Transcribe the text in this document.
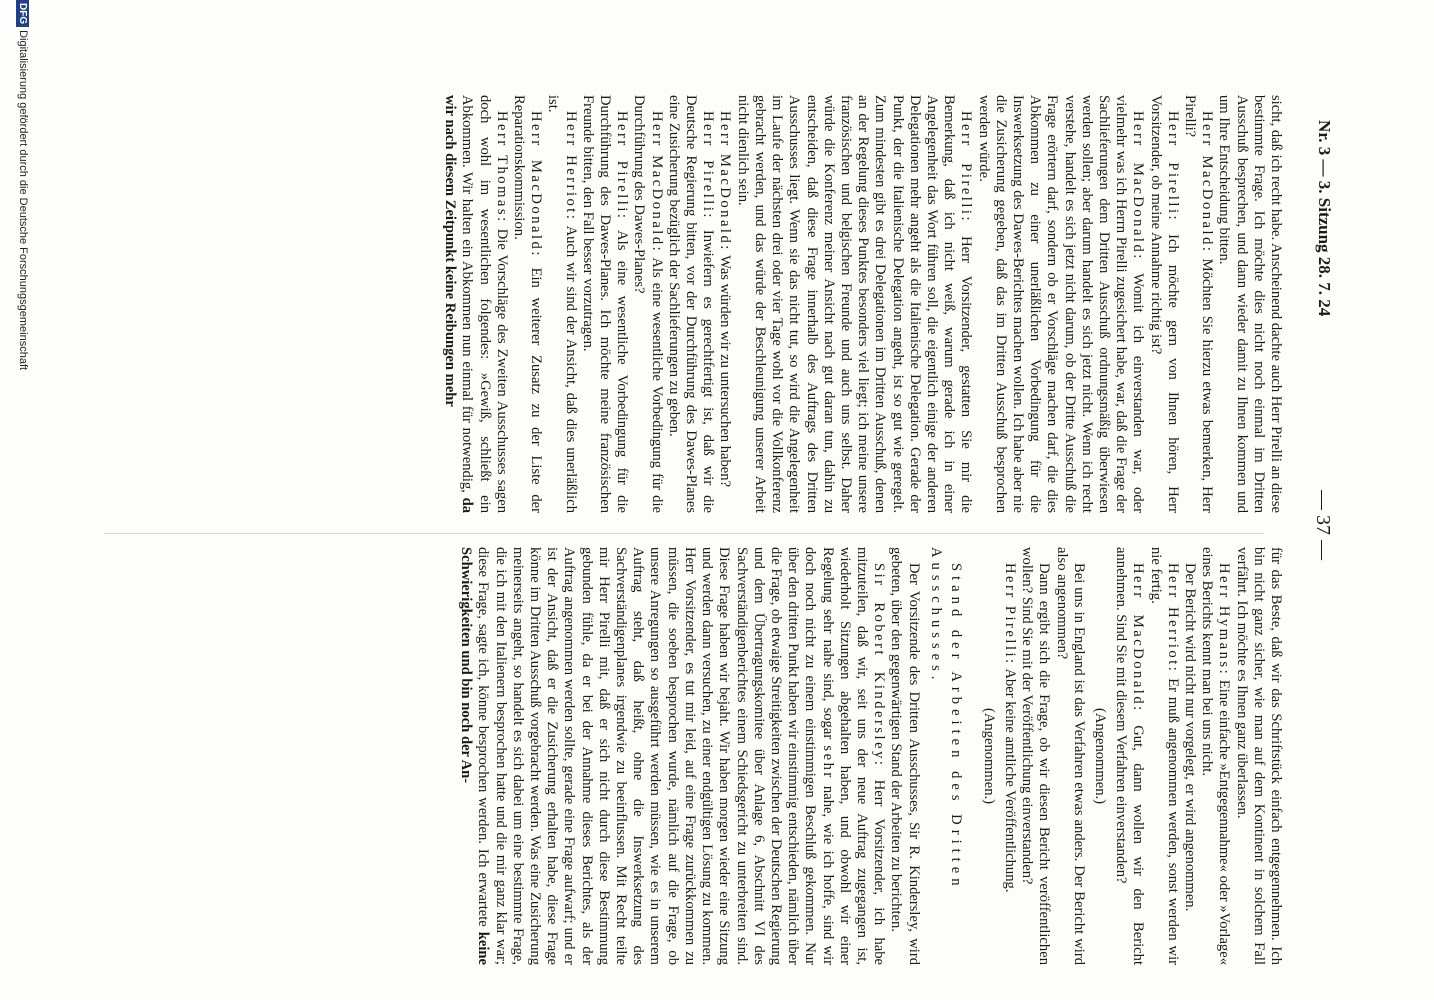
Nr. 3 — 3. Sitzung 28. 7. 24
— 37 —

sicht, daß ich recht habe. Anscheinend dachte auch Herr Pirelli an diese bestimmte Frage. Ich möchte dies nicht noch einmal im Dritten Ausschuß besprechen, und dann wieder damit zu Ihnen kommen und um Ihre Entscheidung bitten.

Herr MacDonald: Möchten Sie hierzu etwas bemerken, Herr Pirelli?

Herr Pirelli: Ich möchte gern von Ihnen hören, Herr Vorsitzender, ob meine Annahme richtig ist?

Herr MacDonald: Womit ich einverstanden war, oder vielmehr was ich Herrn Pirelli zugesichert habe, war, daß die Frage der Sachlieferungen dem Dritten Ausschuß ordnungsmäßig überwiesen werden sollen; aber darum handelt es sich jetzt nicht. Wenn ich recht verstehe, handelt es sich jetzt nicht darum, ob der Dritte Ausschuß die Frage erörtern darf, sondern ob er Vorschläge machen darf, die dies Abkommen zu einer unerläßlichen Vorbedingung für die Inswerksetzung des Dawes-Berichtes machen wollen. Ich habe aber nie die Zusicherung gegeben, daß das im Dritten Ausschuß besprochen werden würde.

Herr Pirelli: Herr Vorsitzender, gestatten Sie mir die Bemerkung, daß ich nicht weiß, warum gerade ich in einer Angelegenheit das Wort führen soll, die eigentlich einige der anderen Delegationen mehr angeht als die Italienische Delegation. Gerade der Punkt, der die Italienische Delegation angeht, ist so gut wie geregelt. Zum mindesten gibt es drei Delegationen im Dritten Ausschuß, denen an der Regelung dieses Punktes besonders viel liegt; ich meine unsere französischen und belgischen Freunde und auch uns selbst. Daher würde die Konferenz meiner Ansicht nach gut daran tun, dahin zu entscheiden, daß diese Frage innerhalb des Auftrags des Dritten Ausschusses liegt. Wenn sie das nicht tut, so wird die Angelegenheit im Laufe der nächsten drei oder vier Tage wohl vor die Vollkonferenz gebracht werden, und das würde der Beschleunigung unserer Arbeit nicht dienlich sein.

Herr MacDonald: Was würden wir zu untersuchen haben?

Herr Pirelli: Inwiefern es gerechtfertigt ist, daß wir die Deutsche Regierung bitten, vor der Durchführung des Dawes-Planes eine Zusicherung bezüglich der Sachlieferungen zu geben.

Herr MacDonald: Als eine wesentliche Vorbedingung für die Durchführung des Dawes-Planes?

Herr Pirelli: Als eine wesentliche Vorbedingung für die Durchführung des Dawes-Planes. Ich möchte meine französischen Freunde bitten, den Fall besser vorzutragen.

Herr Herriot: Auch wir sind der Ansicht, daß dies unerläßlich ist.

Herr MacDonald: Ein weiterer Zusatz zu der Liste der Reparationskommission.

Herr Thomas: Die Vorschläge des Zweiten Ausschusses sagen doch wohl im wesentlichen folgendes: »Gewiß, schließt ein Abkommen. Wir halten ein Abkommen nun einmal für notwendig, da wir nach diesem Zeitpunkt keine Reibungen mehr

für das Beste, daß wir das Schriftstück einfach entgegennehmen. Ich bin nicht ganz sicher, wie man auf dem Kontinent in solchem Fall verfährt. Ich möchte es Ihnen ganz überlassen.

Herr Hymans: Eine einfache »Entgegennahme« oder »Vorlage« eines Berichts kennt man bei uns nicht.

Der Bericht wird nicht nur vorgelegt, er wird angenommen.

Herr Herriot: Er muß angenommen werden, sonst werden wir nie fertig.

Herr MacDonald: Gut, dann wollen wir den Bericht annehmen. Sind Sie mit diesem Verfahren einverstanden?

(Angenommen.)

Bei uns in England ist das Verfahren etwas anders. Der Bericht wird also angenommen?

Dann ergibt sich die Frage, ob wir diesen Bericht veröffentlichen wollen? Sind Sie mit der Veröffentlichung einverstanden?

Herr Pirelli: Aber keine amtliche Veröffentlichung.

(Angenommen.)

Stand der Arbeiten des Dritten Ausschusses.

Der Vorsitzende des Dritten Ausschusses, Sir R. Kindersley, wird gebeten, über den gegenwärtigen Stand der Arbeiten zu berichten.

Sir Robert Kindersley: Herr Vorsitzender, ich habe mitzuteilen, daß wir, seit uns der neue Auftrag zugegangen ist, wiederholt Sitzungen abgehalten haben, und obwohl wir einer Regelung sehr nahe sind, sogar sehr nahe, wie ich hoffe, sind wir doch noch nicht zu einem einstimmigen Beschluß gekommen. Nur über den dritten Punkt haben wir einstimmig entschieden, nämlich über die Frage, ob etwaige Streitigkeiten zwischen der Deutschen Regierung und dem Übertragungskomitee über Anlage 6, Abschnitt VI des Sachverständigenberichtes einem Schiedsgericht zu unterbreiten sind. Diese Frage haben wir bejaht. Wir haben morgen wieder eine Sitzung und werden dann versuchen, zu einer endgültigen Lösung zu kommen. Herr Vorsitzender, es tut mir leid, auf eine Frage zurückkommen zu müssen, die soeben besprochen wurde, nämlich auf die Frage, ob unsere Anregungen so ausgeführt werden müssen, wie es in unserem Auftrag steht, daß heißt, ohne die Inswerksetzung des Sachverständigenplanes irgendwie zu beeinflussen. Mit Recht teilte mir Herr Pirelli mit, daß er sich nicht durch diese Bestimmung gebunden fühle, da er bei der Annahme dieses Berichtes, als der Auftrag angenommen werden sollte, gerade eine Frage aufwarf; und er ist der Ansicht, daß er die Zusicherung erhalten habe, diese Frage könne im Dritten Ausschuß vorgebracht werden. Was eine Zusicherung meinerseits angeht, so handelt es sich dabei um eine bestimmte Frage, die ich mit den Italienern besprochen hatte und die mir ganz klar war; diese Frage, sagte ich, könne besprochen werden. Ich erwartete keine Schwierigkeiten und bin noch der An-

DFGDigitalisierung gefördert durch die Deutsche Forschungsgemeinschaft
